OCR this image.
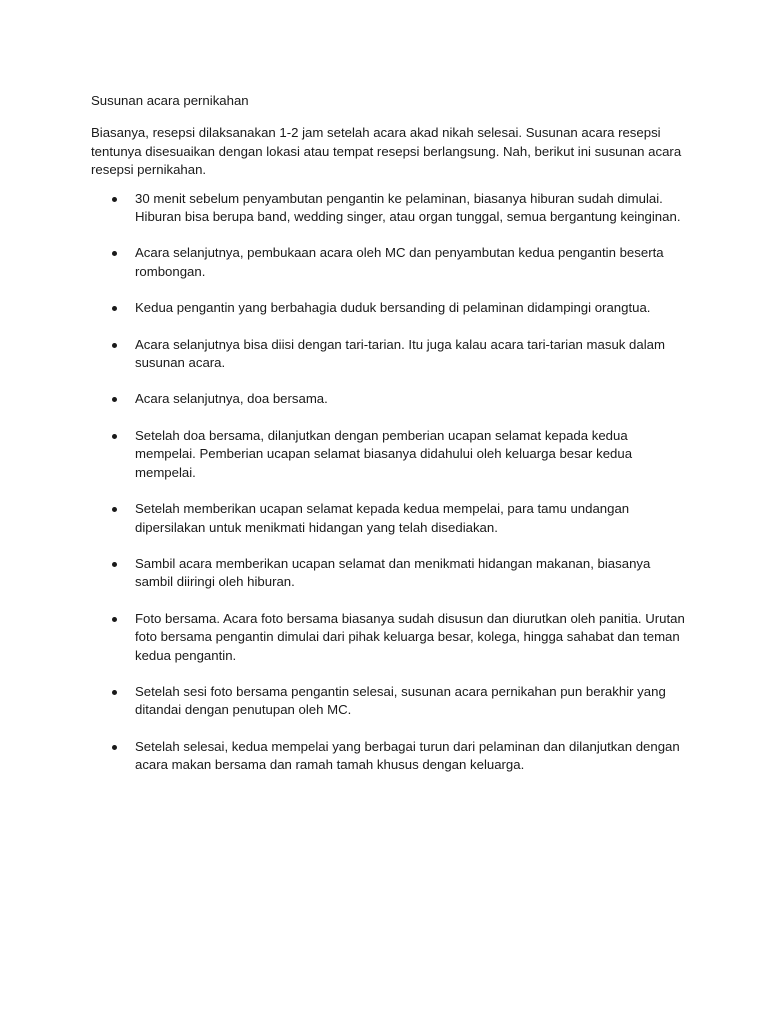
Susunan acara pernikahan

Biasanya, resepsi dilaksanakan 1-2 jam setelah acara akad nikah selesai. Susunan acara resepsi tentunya disesuaikan dengan lokasi atau tempat resepsi berlangsung. Nah, berikut ini susunan acara resepsi pernikahan.

30 menit sebelum penyambutan pengantin ke pelaminan, biasanya hiburan sudah dimulai. Hiburan bisa berupa band, wedding singer, atau organ tunggal, semua bergantung keinginan.
Acara selanjutnya, pembukaan acara oleh MC dan penyambutan kedua pengantin beserta rombongan.
Kedua pengantin yang berbahagia duduk bersanding di pelaminan didampingi orangtua.
Acara selanjutnya bisa diisi dengan tari-tarian. Itu juga kalau acara tari-tarian masuk dalam susunan acara.
Acara selanjutnya, doa bersama.
Setelah doa bersama, dilanjutkan dengan pemberian ucapan selamat kepada kedua mempelai. Pemberian ucapan selamat biasanya didahului oleh keluarga besar kedua mempelai.
Setelah memberikan ucapan selamat kepada kedua mempelai, para tamu undangan dipersilakan untuk menikmati hidangan yang telah disediakan.
Sambil acara memberikan ucapan selamat dan menikmati hidangan makanan, biasanya sambil diiringi oleh hiburan.
Foto bersama. Acara foto bersama biasanya sudah disusun dan diurutkan oleh panitia. Urutan foto bersama pengantin dimulai dari pihak keluarga besar, kolega, hingga sahabat dan teman kedua pengantin.
Setelah sesi foto bersama pengantin selesai, susunan acara pernikahan pun berakhir yang ditandai dengan penutupan oleh MC.
Setelah selesai, kedua mempelai yang berbagai turun dari pelaminan dan dilanjutkan dengan acara makan bersama dan ramah tamah khusus dengan keluarga.
